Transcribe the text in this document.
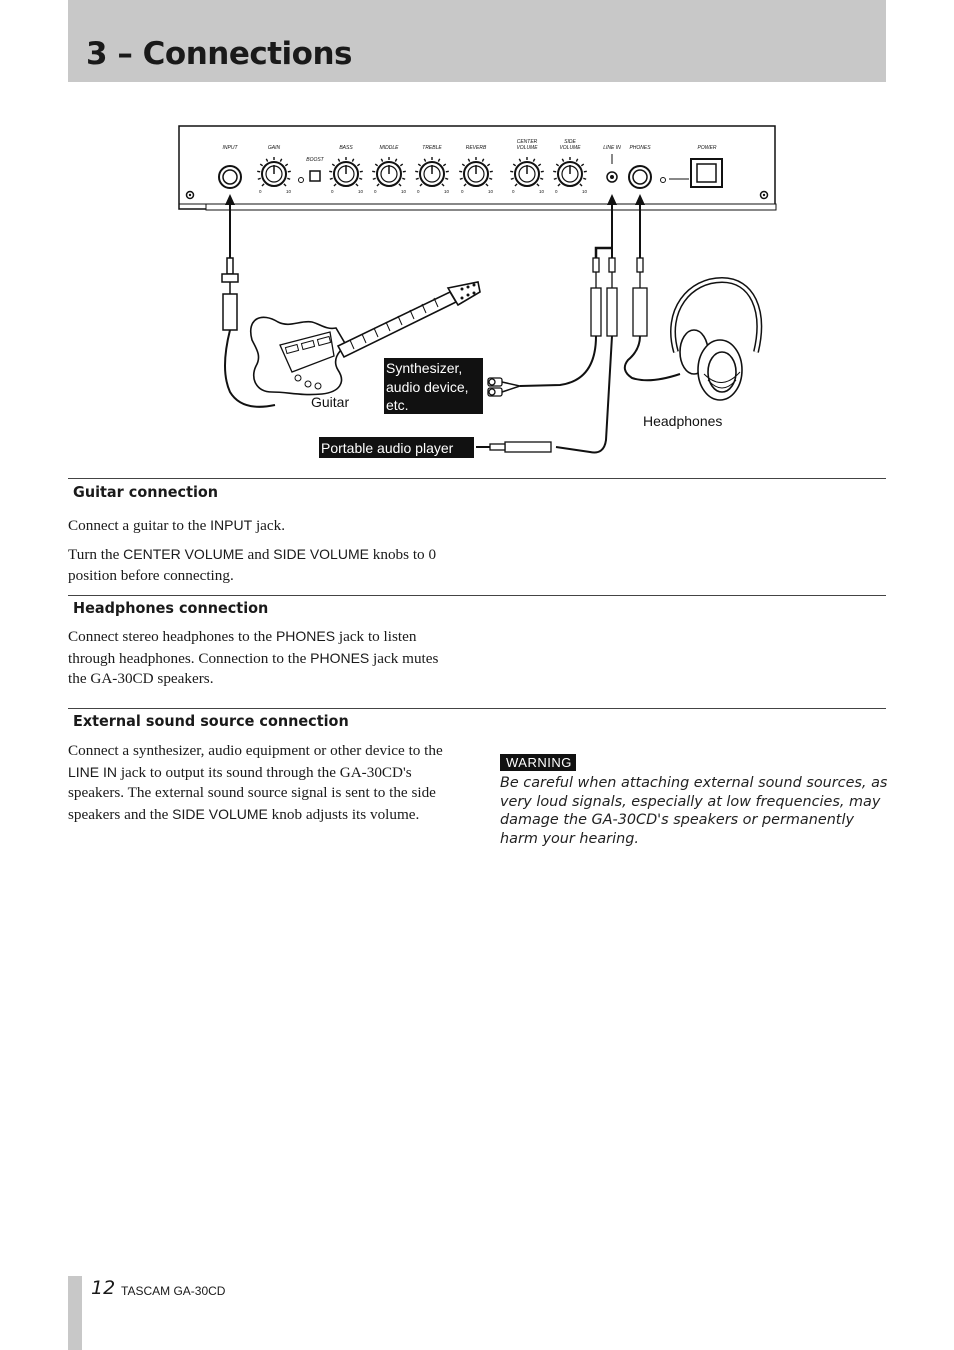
3 – Connections
INPUT	GAIN
BOOST
BASS	MIDDLE	TREBLE	REVERB
CENTER
VOLUME
SIDE
VOLUME	LINE IN PHONES	POWER
0	10	0	10 0	10 0	10	0	10	0	10 0	10
Guitar
Synthesizer,
audio device,
etc.
Portable audio player
Headphones
Guitar connection

Connect a guitar to the INPUT jack.

Turn the CENTER VOLUME and SIDE VOLUME knobs to 0 position before connecting.

Headphones connection

Connect stereo headphones to the PHONES jack to listen through headphones. Connection to the PHONES jack mutes the GA-30CD speakers.

External sound source connection

Connect a synthesizer, audio equipment or other device to the LINE IN jack to output its sound through the GA-30CD's speakers. The external sound source signal is sent to the side speakers and the SIDE VOLUME knob adjusts its volume.

WARNING

Be careful when attaching external sound sources, as very loud signals, especially at low frequencies, may damage the GA-30CD's speakers or permanently harm your hearing.

12 TASCAM GA-30CD
